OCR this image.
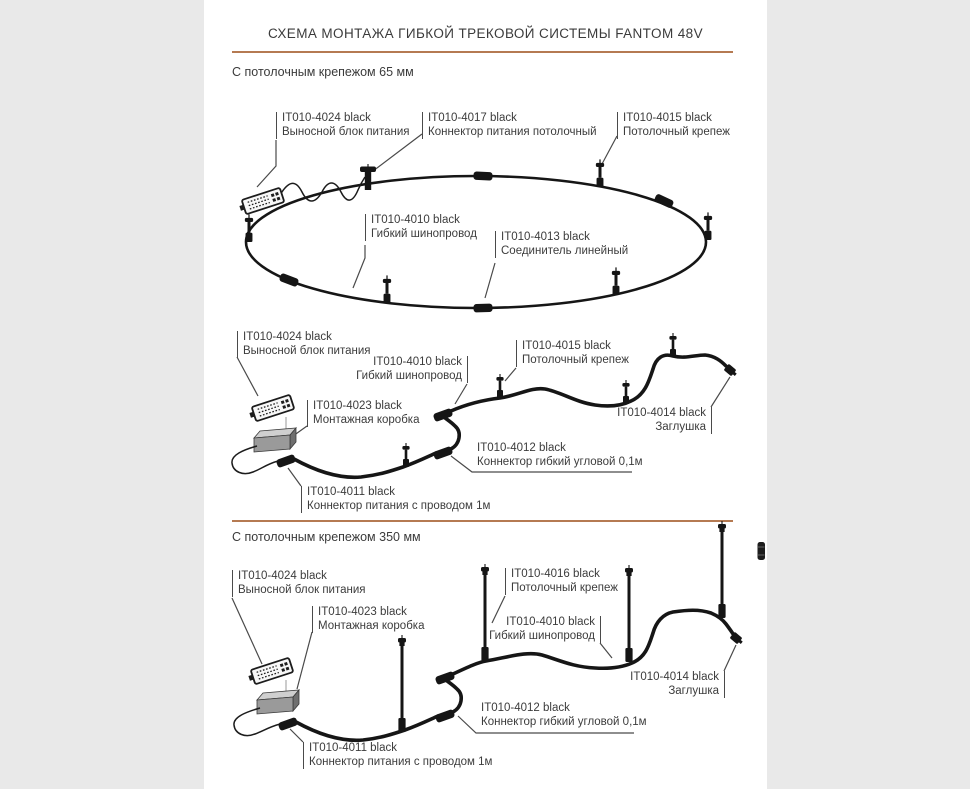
СХЕМА МОНТАЖА ГИБКОЙ ТРЕКОВОЙ СИСТЕМЫ FANTOM 48V
С потолочным крепежом 65 мм
С потолочным крепежом 350 мм
IT010-4024 black
Выносной блок питания
IT010-4017 black
Коннектор питания потолочный
IT010-4015 black
Потолочный крепеж
IT010-4010 black
Гибкий шинопровод IT010-4013 black
Соединитель линейный
IT010-4024 black
Выносной блок питания
IT010-4010 black
Гибкий шинопровод
IT010-4015 black
Потолочный крепеж
IT010-4023 black
Монтажная коробка
IT010-4014 black
Заглушка
IT010-4012 black
Коннектор гибкий угловой 0,1м
IT010-4011 black
Коннектор питания с проводом 1м
IT010-4024 black
Выносной блок питания
IT010-4023 black
Монтажная коробка
IT010-4016 black
Потолочный крепеж
IT010-4010 black
Гибкий шинопровод
IT010-4014 black
Заглушка
IT010-4012 black
Коннектор гибкий угловой 0,1м
IT010-4011 black
Коннектор питания с проводом 1м
